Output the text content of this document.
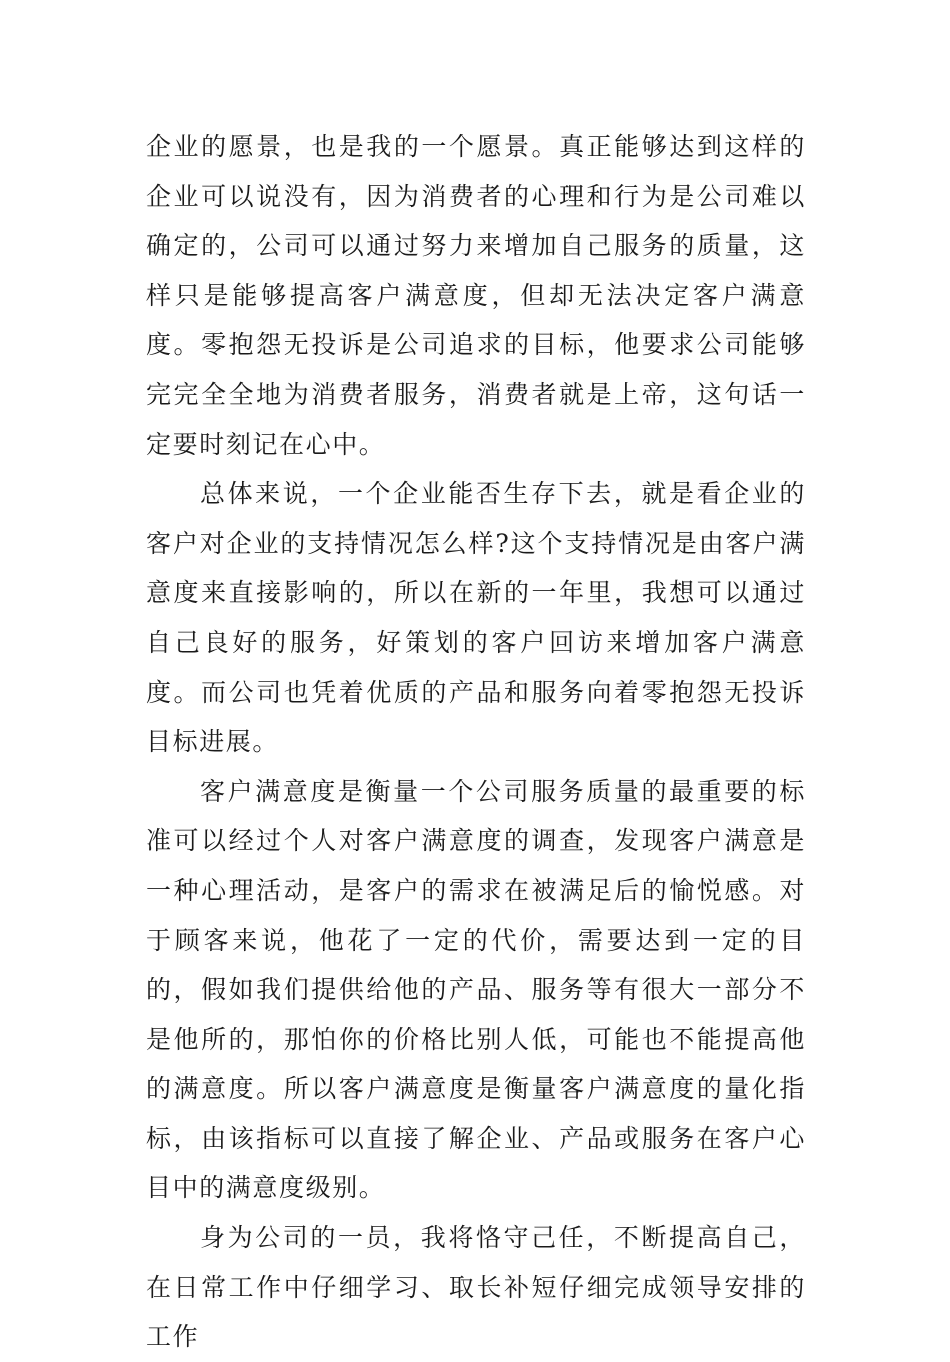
企业的愿景，也是我的一个愿景。真正能够达到这样的企业可以说没有，因为消费者的心理和行为是公司难以确定的，公司可以通过努力来增加自己服务的质量，这样只是能够提高客户满意度，但却无法决定客户满意度。零抱怨无投诉是公司追求的目标，他要求公司能够完完全全地为消费者服务，消费者就是上帝，这句话一定要时刻记在心中。

总体来说，一个企业能否生存下去，就是看企业的客户对企业的支持情况怎么样?这个支持情况是由客户满意度来直接影响的，所以在新的一年里，我想可以通过自己良好的服务，好策划的客户回访来增加客户满意度。而公司也凭着优质的产品和服务向着零抱怨无投诉目标进展。

客户满意度是衡量一个公司服务质量的最重要的标准可以经过个人对客户满意度的调查，发现客户满意是一种心理活动，是客户的需求在被满足后的愉悦感。对于顾客来说，他花了一定的代价，需要达到一定的目的，假如我们提供给他的产品、服务等有很大一部分不是他所的，那怕你的价格比别人低，可能也不能提高他的满意度。所以客户满意度是衡量客户满意度的量化指标，由该指标可以直接了解企业、产品或服务在客户心目中的满意度级别。

身为公司的一员，我将恪守己任，不断提高自己，在日常工作中仔细学习、取长补短仔细完成领导安排的工作
